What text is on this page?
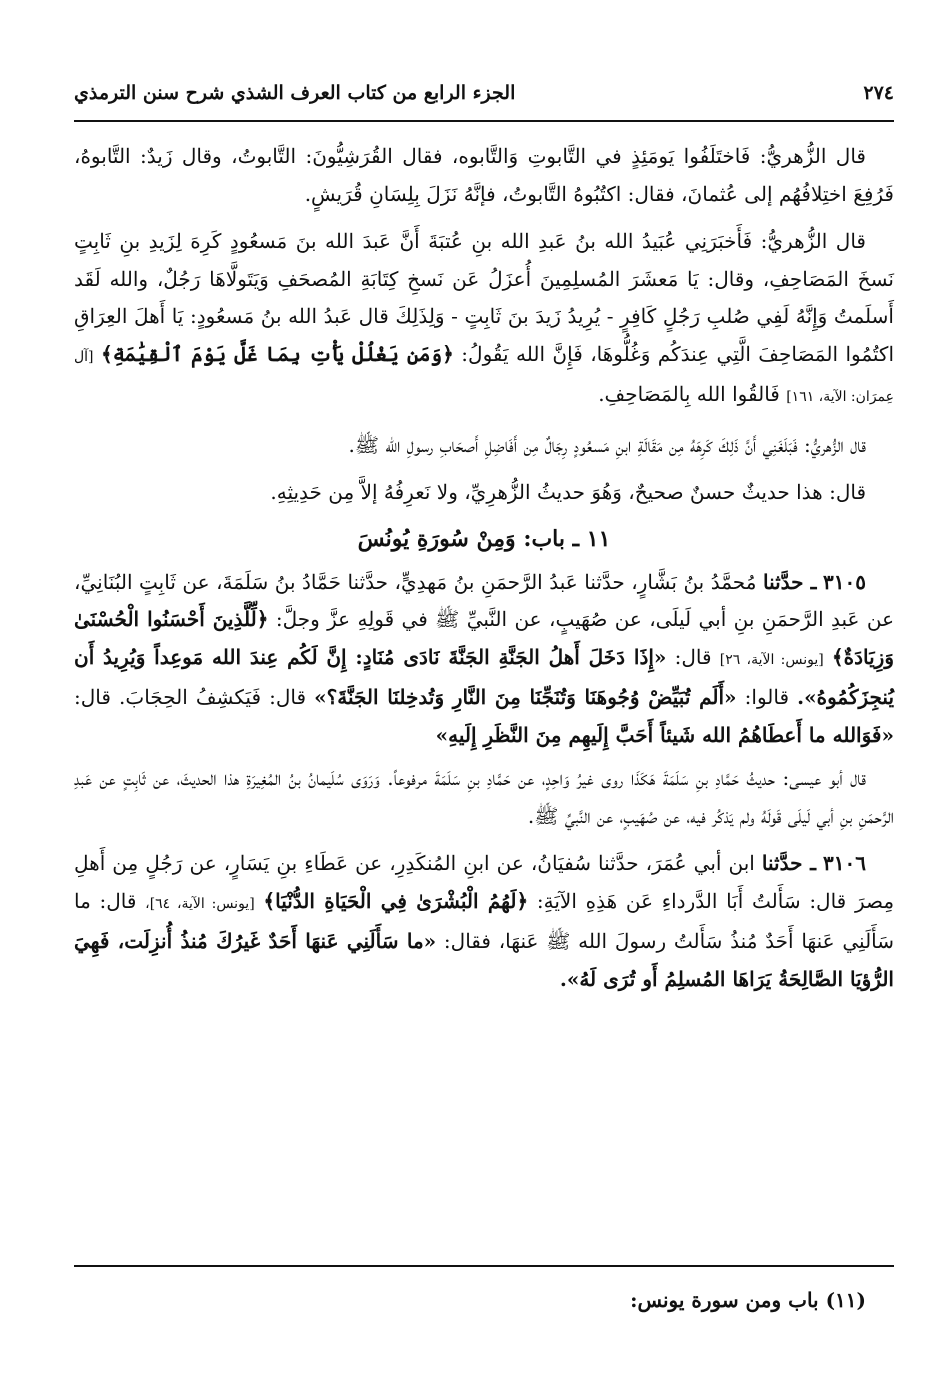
٢٧٤
الجزء الرابع من كتاب العرف الشذي شرح سنن الترمذي

قال الزُّهريُّ: فَاختَلَفُوا يَومَئِذٍ في التَّابوتِ وَالتَّابوه، فقال القُرَشِيُّونَ: التَّابوتُ، وقال زَيدٌ: التَّابوهُ، فَرُفِعَ اختِلافُهُم إلى عُثمانَ، فقال: اكتُبُوهُ التَّابوتُ، فإنَّهُ نَزَلَ بِلِسَانِ قُرَيشٍ.

قال الزُّهريُّ: فَأَخبَرَنِي عُبَيدُ الله بنُ عَبدِ الله بنِ عُتبَةَ أَنَّ عَبدَ الله بنَ مَسعُودٍ كَرِهَ لِزَيدِ بنِ ثَابِتٍ نَسخَ المَصَاحِفِ، وقال: يَا مَعشَرَ المُسلِمِينَ أُعزَلُ عَن نَسخِ كِتَابَةِ المُصحَفِ وَيَتَولَّاهَا رَجُلٌ، والله لَقَد أَسلَمتُ وَإِنَّهُ لَفِي صُلبِ رَجُلٍ كَافِرٍ - يُرِيدُ زَيدَ بنَ ثَابِتٍ - وَلِذَلِكَ قال عَبدُ الله بنُ مَسعُودٍ: يَا أَهلَ العِرَاقِ اكتُمُوا المَصَاحِفَ الَّتِي عِندَكُم وَغُلُّوهَا، فَإِنَّ الله يَقُولُ: ﴿وَمَن يَغْلُلْ يَأْتِ بِمَا غَلَّ يَوْمَ ٱلْقِيَٰمَةِ﴾ [آل عِمرَان: الآية، ١٦١] فَالقُوا الله بِالمَصَاحِفِ.

قال الزُّهريُّ: فَبَلَغَنِي أَنَّ ذَلِكَ كَرِهَهُ مِن مَقَالَةِ ابنِ مَسعُودٍ رِجَالٌ مِن أَفَاضِلِ أَصحَابِ رسولِ الله ﷺ.

قال: هذا حديثٌ حسنٌ صحيحٌ، وَهُوَ حديثُ الزُّهرِيِّ، ولا نَعرِفُهُ إلاَّ مِن حَدِيثِهِ.

١١ ـ باب: وَمِنْ سُورَةِ يُونُسَ

٣١٠٥ ـ حدَّثنا مُحمَّدُ بنُ بَشَّارٍ، حدَّثنا عَبدُ الرَّحمَنِ بنُ مَهدِيٍّ، حدَّثنا حَمَّادُ بنُ سَلَمَةَ، عن ثَابِتٍ البُنَانِيِّ، عن عَبدِ الرَّحمَنِ بنِ أبي لَيلَى، عن صُهَيبٍ، عن النَّبيِّ ﷺ في قَولِهِ عزَّ وجلَّ: ﴿لِّلَّذِينَ أَحْسَنُوا الْحُسْنَىٰ وَزِيَادَةٌ﴾ [يونس: الآية، ٢٦] قال: «إِذَا دَخَلَ أَهلُ الجَنَّةِ الجَنَّةَ نَادَى مُنَادٍ: إِنَّ لَكُم عِندَ الله مَوعِداً وَيُرِيدُ أَن يُنجِزَكُمُوهُ». قالوا: «أَلَم تُبَيِّضْ وُجُوهَنَا وَتُنَجِّنَا مِنَ النَّارِ وَتُدخِلنَا الجَنَّةَ؟» قال: فَيَكشِفُ الحِجَابَ. قال: «فَوَالله ما أَعطَاهُمُ الله شَيئاً أَحَبَّ إِلَيهِم مِنَ النَّظَرِ إِلَيهِ»

قال أبو عيسى: حديثُ حَمَّادِ بنِ سَلَمَةَ هَكَذَا روى غيرُ وَاحِدٍ، عن حَمَّادِ بنِ سَلَمَةَ مرفوعاً. وَرَوَى سُلَيمانُ بنُ المُغِيرَةِ هذا الحديثَ، عن ثَابِتٍ عن عَبدِ الرَّحمَنِ بنِ أبي لَيلَى قَولَهُ ولم يَذكُر فيه، عن صُهَيبٍ، عن النَّبيِّ ﷺ.

٣١٠٦ ـ حدَّثنا ابن أبي عُمَرَ، حدَّثنا سُفيَانُ، عن ابنِ المُنكَدِرِ، عن عَطَاءِ بنِ يَسَارٍ، عن رَجُلٍ مِن أَهلِ مِصرَ قال: سَأَلتُ أَبَا الدَّرداءِ عَن هَذِهِ الآيَةِ: ﴿لَهُمُ الْبُشْرَىٰ فِي الْحَيَاةِ الدُّنْيَا﴾ [يونس: الآية، ٦٤]، قال: ما سَأَلَنِي عَنهَا أَحَدٌ مُنذُ سَأَلتُ رسولَ الله ﷺ عَنهَا، فقال: «ما سَأَلَنِي عَنهَا أَحَدٌ غَيرُكَ مُنذُ أُنزِلَت، فَهِيَ الرُّؤيَا الصَّالِحَةُ يَرَاهَا المُسلِمُ أَو تُرَى لَهُ».

(١١) باب ومن سورة يونس:
